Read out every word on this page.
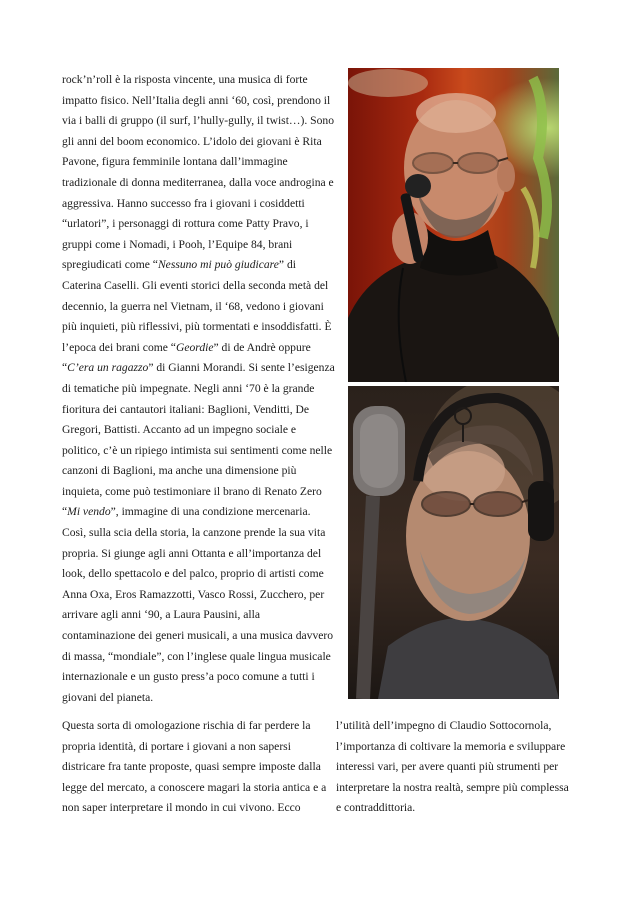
rock’n’roll è la risposta vincente, una musica di forte impatto fisico. Nell’Italia degli anni ‘60, così, prendono il via i balli di gruppo (il surf, l’hully-gully, il twist…). Sono gli anni del boom economico. L’idolo dei giovani è Rita Pavone, figura femminile lontana dall’immagine tradizionale di donna mediterranea, dalla voce androgina e aggressiva. Hanno successo fra i giovani i cosiddetti “urlatori”, i personaggi di rottura come Patty Pravo, i gruppi come i Nomadi, i Pooh, l’Equipe 84, brani spregiudicati come “Nessuno mi può giudicare” di Caterina Caselli. Gli eventi storici della seconda metà del decennio, la guerra nel Vietnam, il ‘68, vedono i giovani più inquieti, più riflessivi, più tormentati e insoddisfatti. È l’epoca dei brani come “Geordie” di de Andrè oppure “C’era un ragazzo” di Gianni Morandi. Si sente l’esigenza di tematiche più impegnate. Negli anni ‘70 è la grande fioritura dei cantautori italiani: Baglioni, Venditti, De Gregori, Battisti. Accanto ad un impegno sociale e politico, c’è un ripiego intimista sui sentimenti come nelle canzoni di Baglioni, ma anche una dimensione più inquieta, come può testimoniare il brano di Renato Zero “Mi vendo”, immagine di una condizione mercenaria. Così, sulla scia della storia, la canzone prende la sua vita propria. Si giunge agli anni Ottanta e all’importanza del look, dello spettacolo e del palco, proprio di artisti come Anna Oxa, Eros Ramazzotti, Vasco Rossi, Zucchero, per arrivare agli anni ‘90, a Laura Pausini, alla contaminazione dei generi musicali, a una musica davvero di massa, “mondiale”, con l’inglese quale lingua musicale internazionale e un gusto press’a poco comune a tutti i giovani del pianeta.

Questa sorta di omologazione rischia di far perdere la propria identità, di portare i giovani a non sapersi districare fra tante proposte, quasi sempre imposte dalla legge del mercato, a conoscere magari la storia antica e a non saper interpretare il mondo in cui vivono. Ecco

l’utilità dell’impegno di Claudio Sottocornola, l’importanza di coltivare la memoria e sviluppare interessi vari, per avere quanti più strumenti per interpretare la nostra realtà, sempre più complessa e contraddittoria.
